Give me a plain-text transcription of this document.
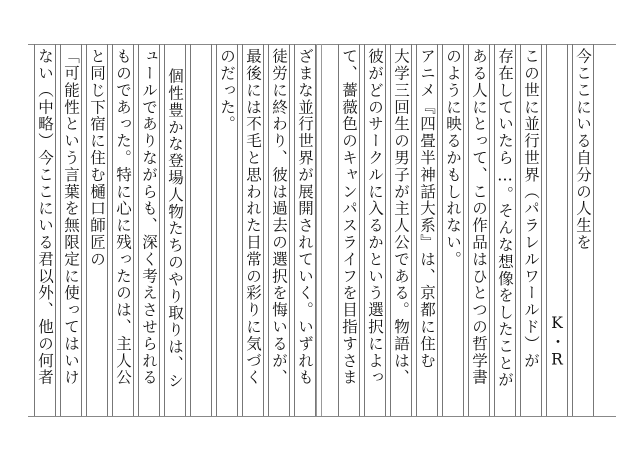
今ここにいる自分の人生を
K・R
この世に並行世界（パラレルワールド）が
存在していたら…。そんな想像をしたことが
ある人にとって、この作品はひとつの哲学書
のように映るかもしれない。
アニメ『四畳半神話大系』は、京都に住む
大学三回生の男子が主人公である。物語は、
彼がどのサークルに入るかという選択によっ
て、薔薇色のキャンパスライフを目指すさま
ざまな並行世界が展開されていく。いずれも
徒労に終わり、彼は過去の選択を悔いるが、
最後には不毛と思われた日常の彩りに気づく
のだった。
個性豊かな登場人物たちのやり取りは、シ
ュールでありながらも、深く考えさせられる
ものであった。特に心に残ったのは、主人公
と同じ下宿に住む樋口師匠の
「可能性という言葉を無限定に使ってはいけ
ない（中略）今ここにいる君以外、他の何者
